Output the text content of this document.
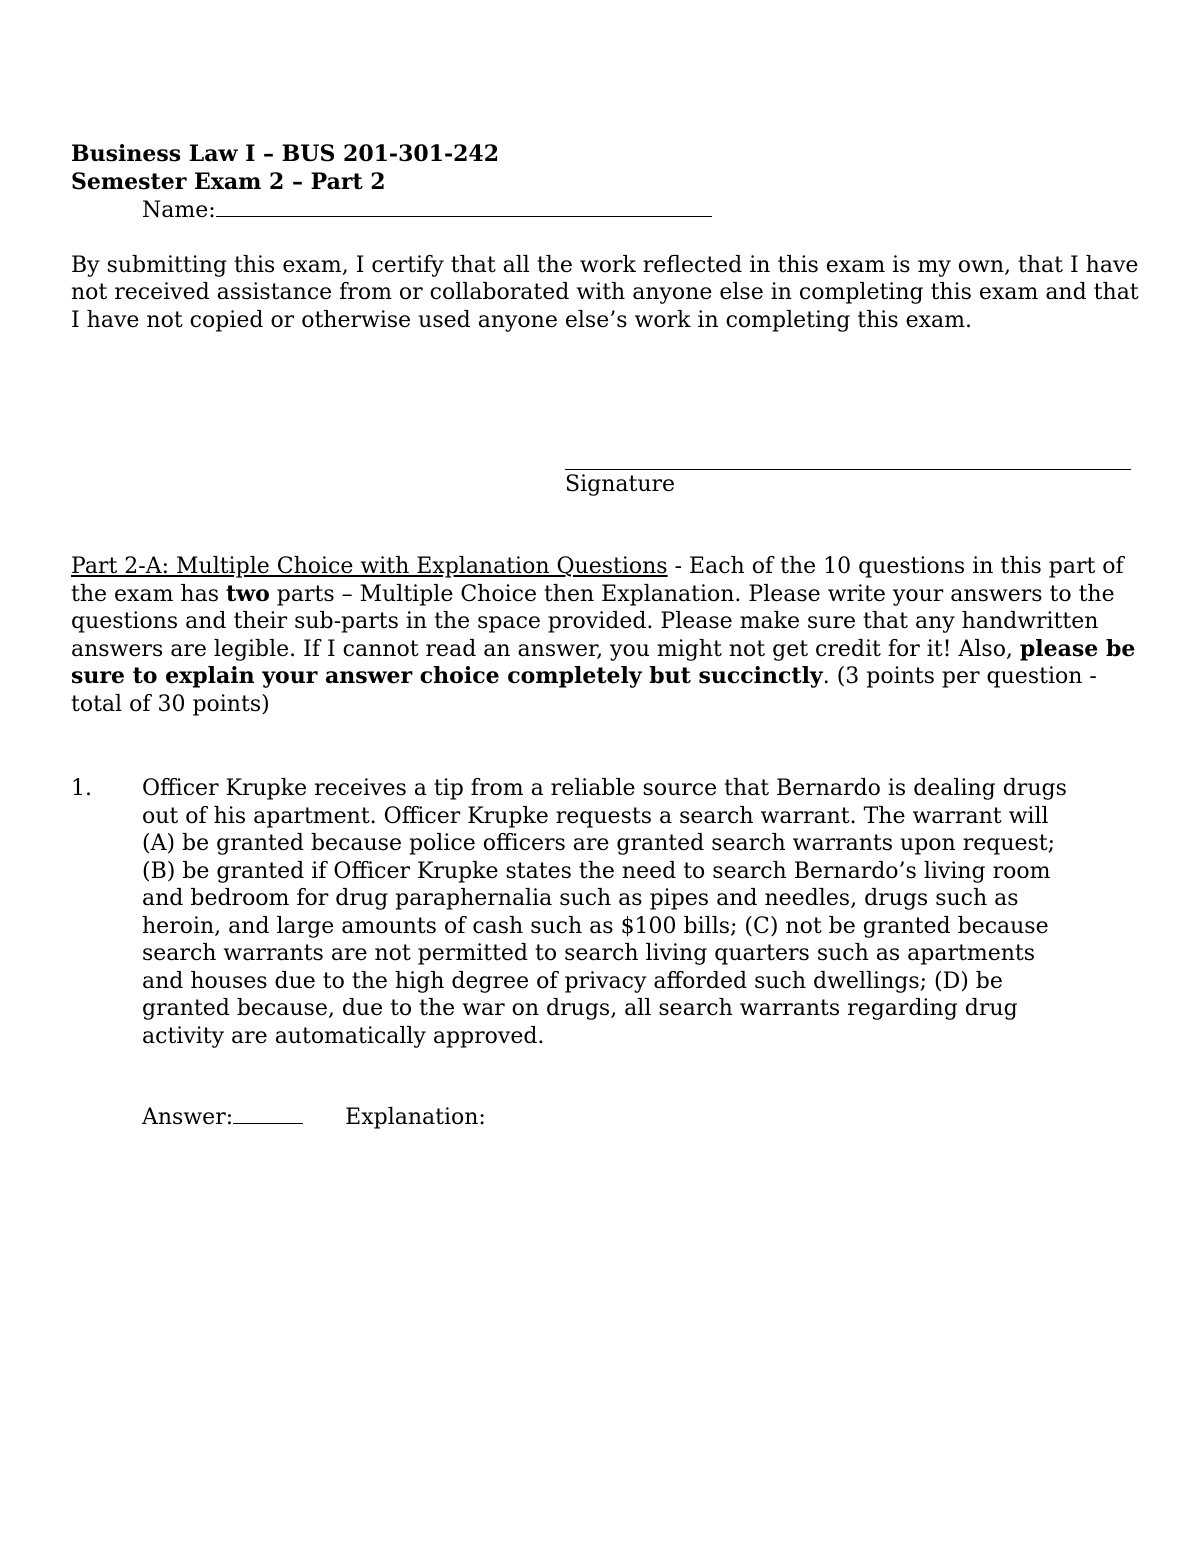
Business Law I – BUS 201-301-242

Semester Exam 2 – Part 2

Name:

By submitting this exam, I certify that all the work reflected in this exam is my own, that I have not received assistance from or collaborated with anyone else in completing this exam and that I have not copied or otherwise used anyone else’s work in completing this exam.

Signature

Part 2-A: Multiple Choice with Explanation Questions - Each of the 10 questions in this part of the exam has two parts – Multiple Choice then Explanation. Please write your answers to the questions and their sub-parts in the space provided. Please make sure that any handwritten answers are legible. If I cannot read an answer, you might not get credit for it! Also, please be sure to explain your answer choice completely but succinctly. (3 points per question - total of 30 points)

1. Officer Krupke receives a tip from a reliable source that Bernardo is dealing drugs out of his apartment. Officer Krupke requests a search warrant. The warrant will (A) be granted because police officers are granted search warrants upon request; (B) be granted if Officer Krupke states the need to search Bernardo’s living room and bedroom for drug paraphernalia such as pipes and needles, drugs such as heroin, and large amounts of cash such as $100 bills; (C) not be granted because search warrants are not permitted to search living quarters such as apartments and houses due to the high degree of privacy afforded such dwellings; (D) be granted because, due to the war on drugs, all search warrants regarding drug activity are automatically approved.
Answer:	Explanation:
